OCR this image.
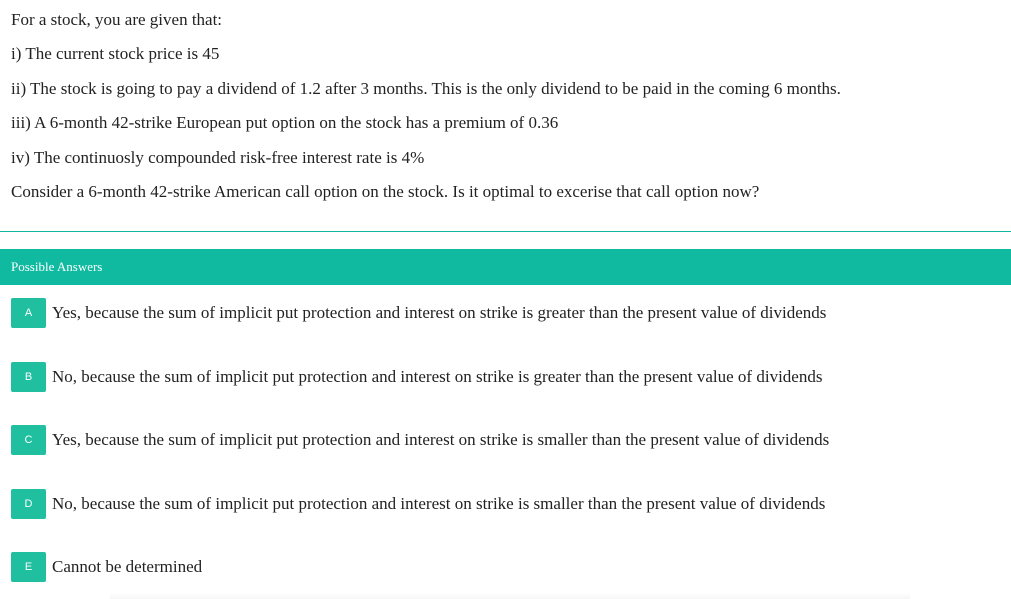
For a stock, you are given that:
i) The current stock price is 45
ii) The stock is going to pay a dividend of 1.2 after 3 months. This is the only dividend to be paid in the coming 6 months.
iii) A 6-month 42-strike European put option on the stock has a premium of 0.36
iv) The continuosly compounded risk-free interest rate is 4%
Consider a 6-month 42-strike American call option on the stock. Is it optimal to excerise that call option now?
Possible Answers
A	Yes, because the sum of implicit put protection and interest on strike is greater than the present value of dividends
B	No, because the sum of implicit put protection and interest on strike is greater than the present value of dividends
C	Yes, because the sum of implicit put protection and interest on strike is smaller than the present value of dividends
D	No, because the sum of implicit put protection and interest on strike is smaller than the present value of dividends
E	Cannot be determined
